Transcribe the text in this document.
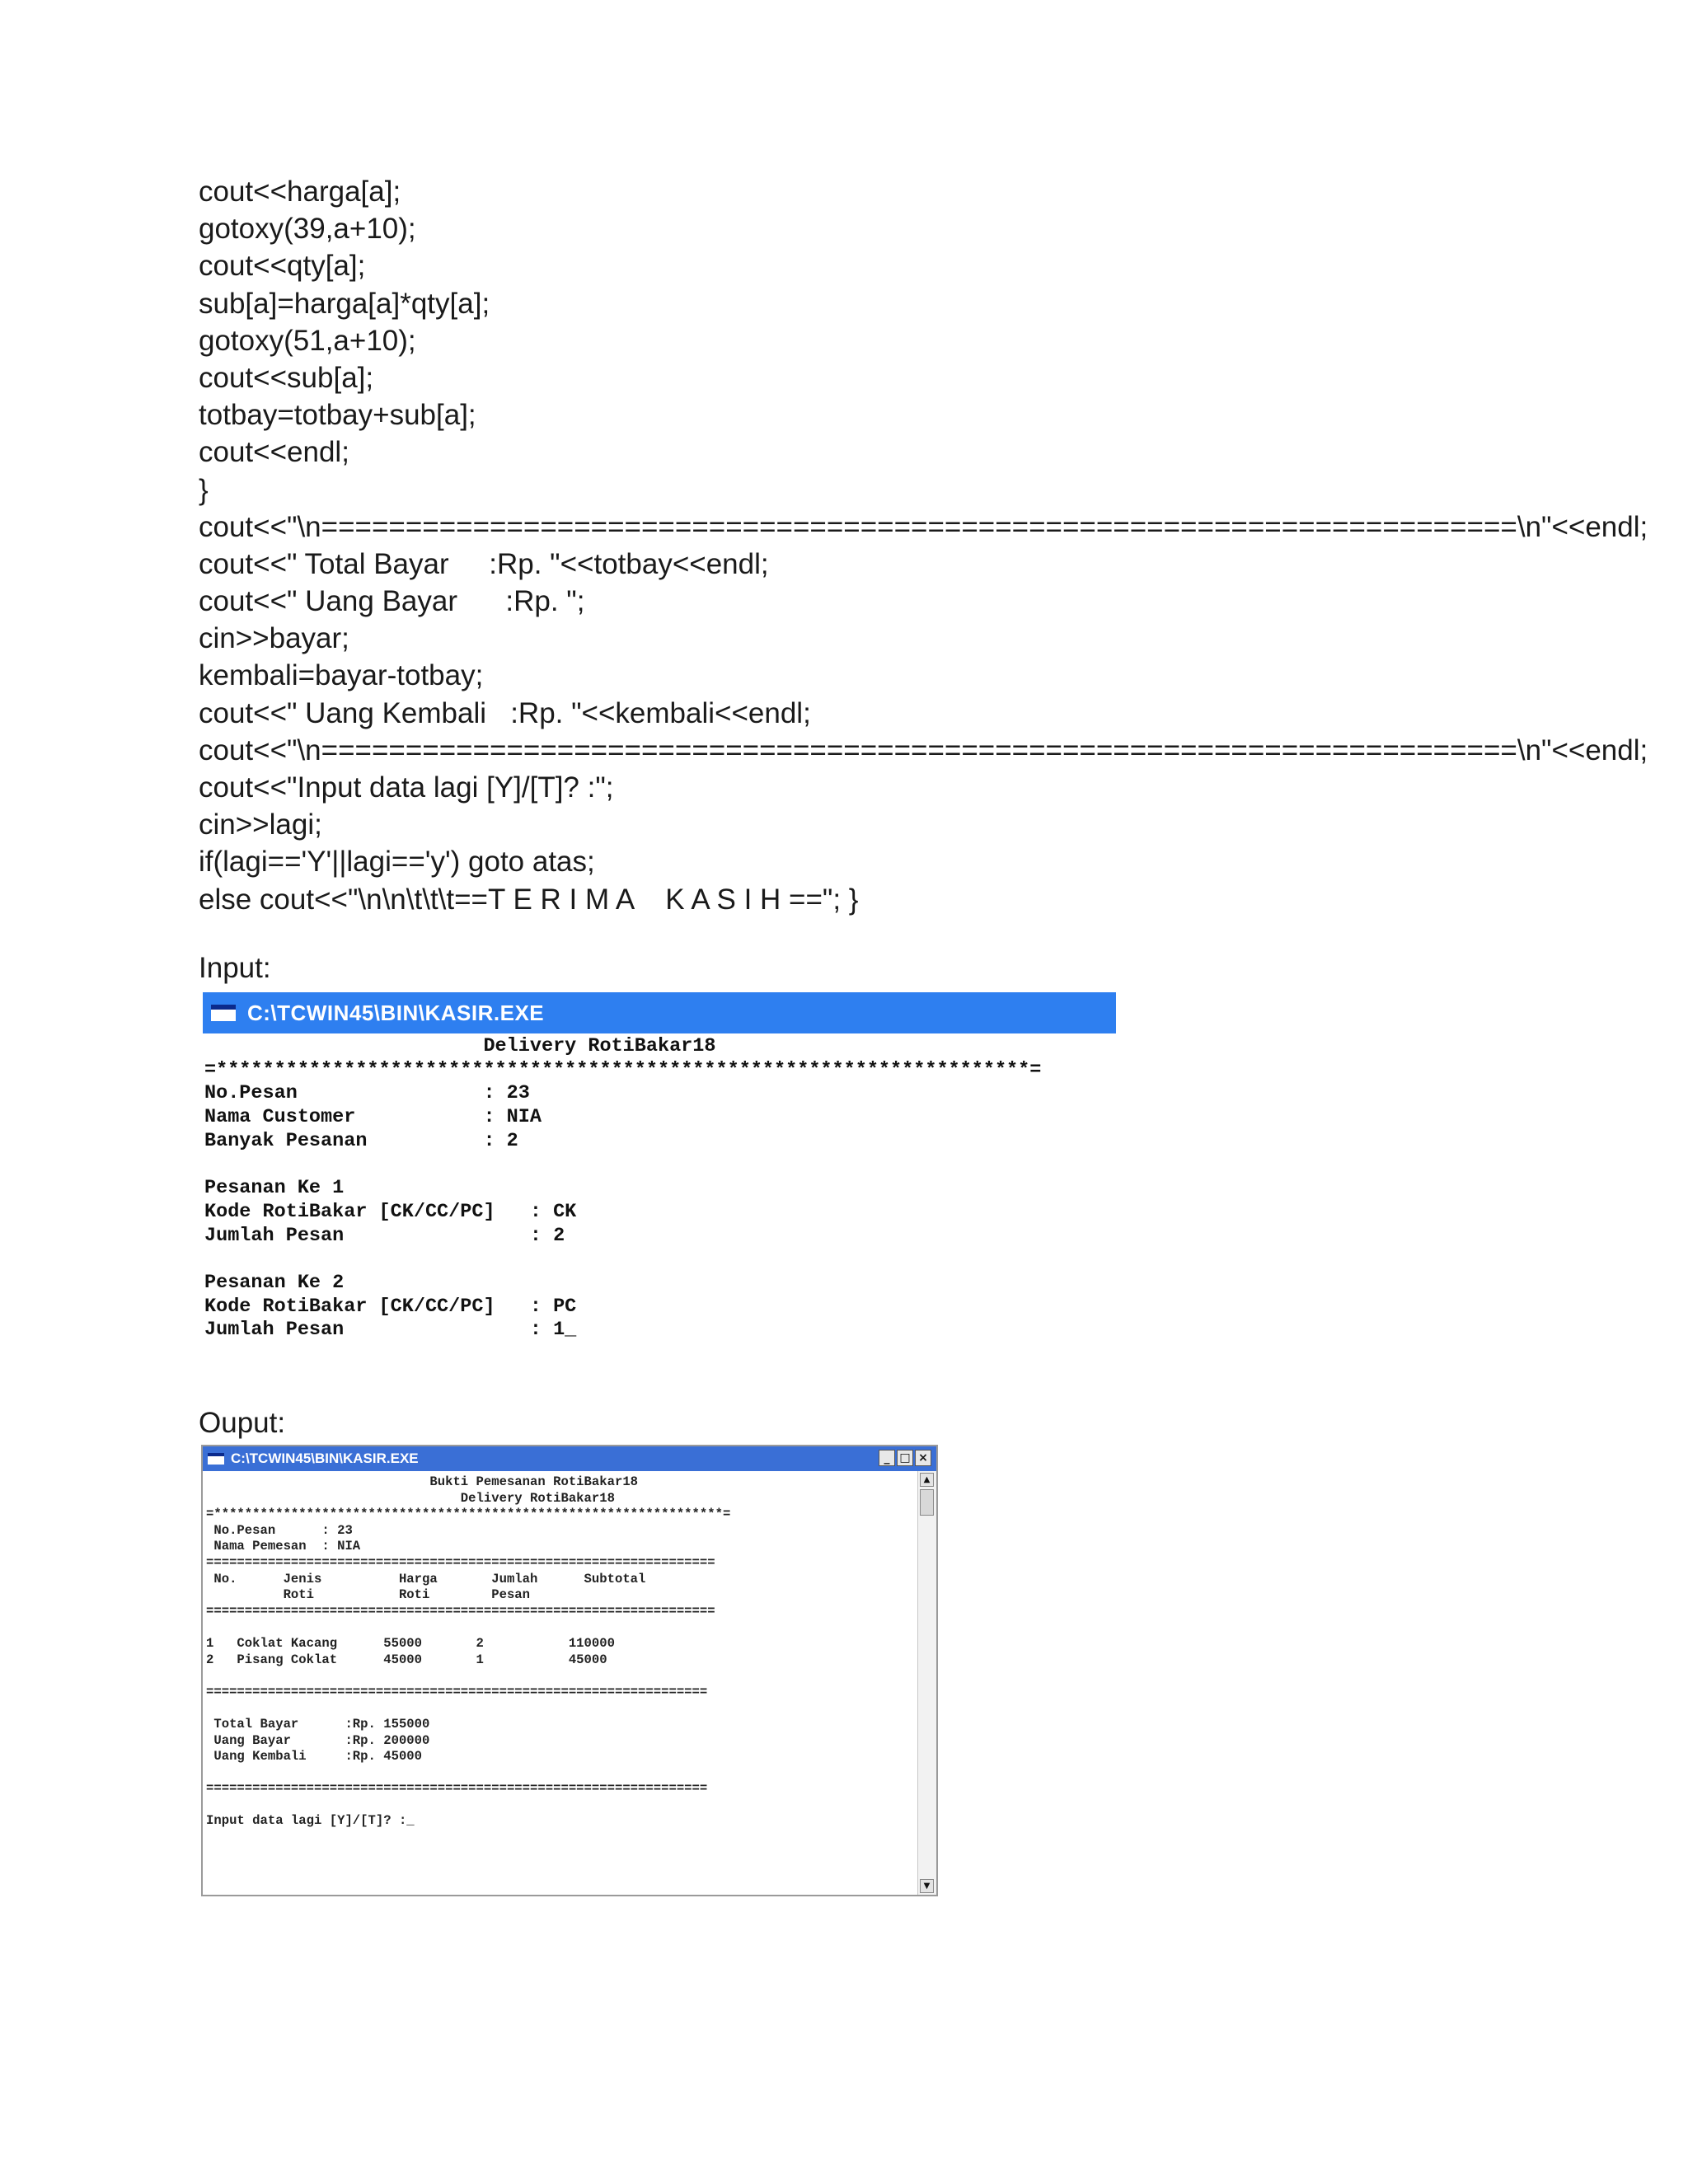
cout<<harga[a];
gotoxy(39,a+10);
cout<<qty[a];
sub[a]=harga[a]*qty[a];
gotoxy(51,a+10);
cout<<sub[a];
totbay=totbay+sub[a];
cout<<endl;
}
cout<<"\n=======================================================================\n"<<endl;
cout<<" Total Bayar     :Rp. "<<totbay<<endl;
cout<<" Uang Bayar      :Rp. ";
cin>>bayar;
kembali=bayar-totbay;
cout<<" Uang Kembali   :Rp. "<<kembali<<endl;
cout<<"\n=======================================================================\n"<<endl;
cout<<"Input data lagi [Y]/[T]? :";
cin>>lagi;
if(lagi=='Y'||lagi=='y') goto atas;
else cout<<"\n\n\t\t\t==T E R I M A    K A S I H =="; }
Input:
C:\TCWIN45\BIN\KASIR.EXE
Delivery RotiBakar18
=**********************************************************************=
No.Pesan                : 23
Nama Customer           : NIA
Banyak Pesanan          : 2

Pesanan Ke 1
Kode RotiBakar [CK/CC/PC]   : CK
Jumlah Pesan                : 2

Pesanan Ke 2
Kode RotiBakar [CK/CC/PC]   : PC
Jumlah Pesan                : 1_
Ouput:
C:\TCWIN45\BIN\KASIR.EXE	_ □ ×
Bukti Pemesanan RotiBakar18
Delivery RotiBakar18
=******************************************************************=
No.Pesan      : 23
Nama Pemesan  : NIA
==================================================================
No.      Jenis          Harga       Jumlah      Subtotal
Roti           Roti        Pesan
==================================================================

1   Coklat Kacang      55000       2           110000
2   Pisang Coklat      45000       1           45000

=================================================================

Total Bayar      :Rp. 155000
Uang Bayar       :Rp. 200000
Uang Kembali     :Rp. 45000

=================================================================

Input data lagi [Y]/[T]? :_
▲
▼
